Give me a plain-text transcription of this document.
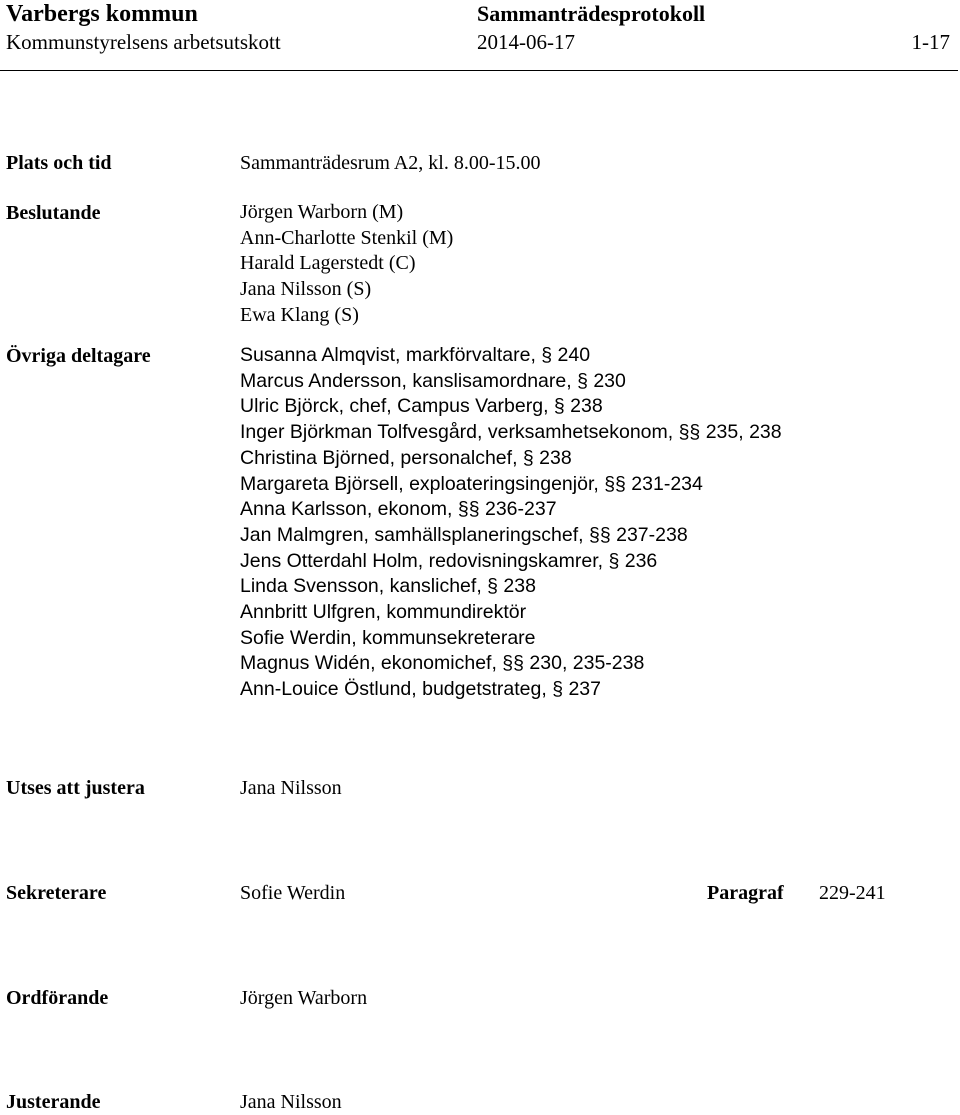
Varbergs kommun	Sammanträdesprotokoll
Kommunstyrelsens arbetsutskott	2014-06-17	1-17
Plats och tid	Sammanträdesrum A2, kl. 8.00-15.00
Beslutande	Jörgen Warborn (M)
Ann-Charlotte Stenkil (M)
Harald Lagerstedt (C)
Jana Nilsson (S)
Ewa Klang (S)
Övriga deltagare	Susanna Almqvist, markförvaltare, § 240
Marcus Andersson, kanslisamordnare, § 230
Ulric Björck, chef, Campus Varberg, § 238
Inger Björkman Tolfvesgård, verksamhetsekonom, §§ 235, 238
Christina Björned, personalchef, § 238
Margareta Björsell, exploateringsingenjör, §§ 231-234
Anna Karlsson, ekonom, §§ 236-237
Jan Malmgren, samhällsplaneringschef, §§ 237-238
Jens Otterdahl Holm, redovisningskamrer, § 236
Linda Svensson, kanslichef, § 238
Annbritt Ulfgren, kommundirektör
Sofie Werdin, kommunsekreterare
Magnus Widén, ekonomichef, §§ 230, 235-238
Ann-Louice Östlund, budgetstrateg, § 237
Utses att justera	Jana Nilsson
Sekreterare	Sofie Werdin	Paragraf 229-241
Ordförande	Jörgen Warborn
Justerande	Jana Nilsson
